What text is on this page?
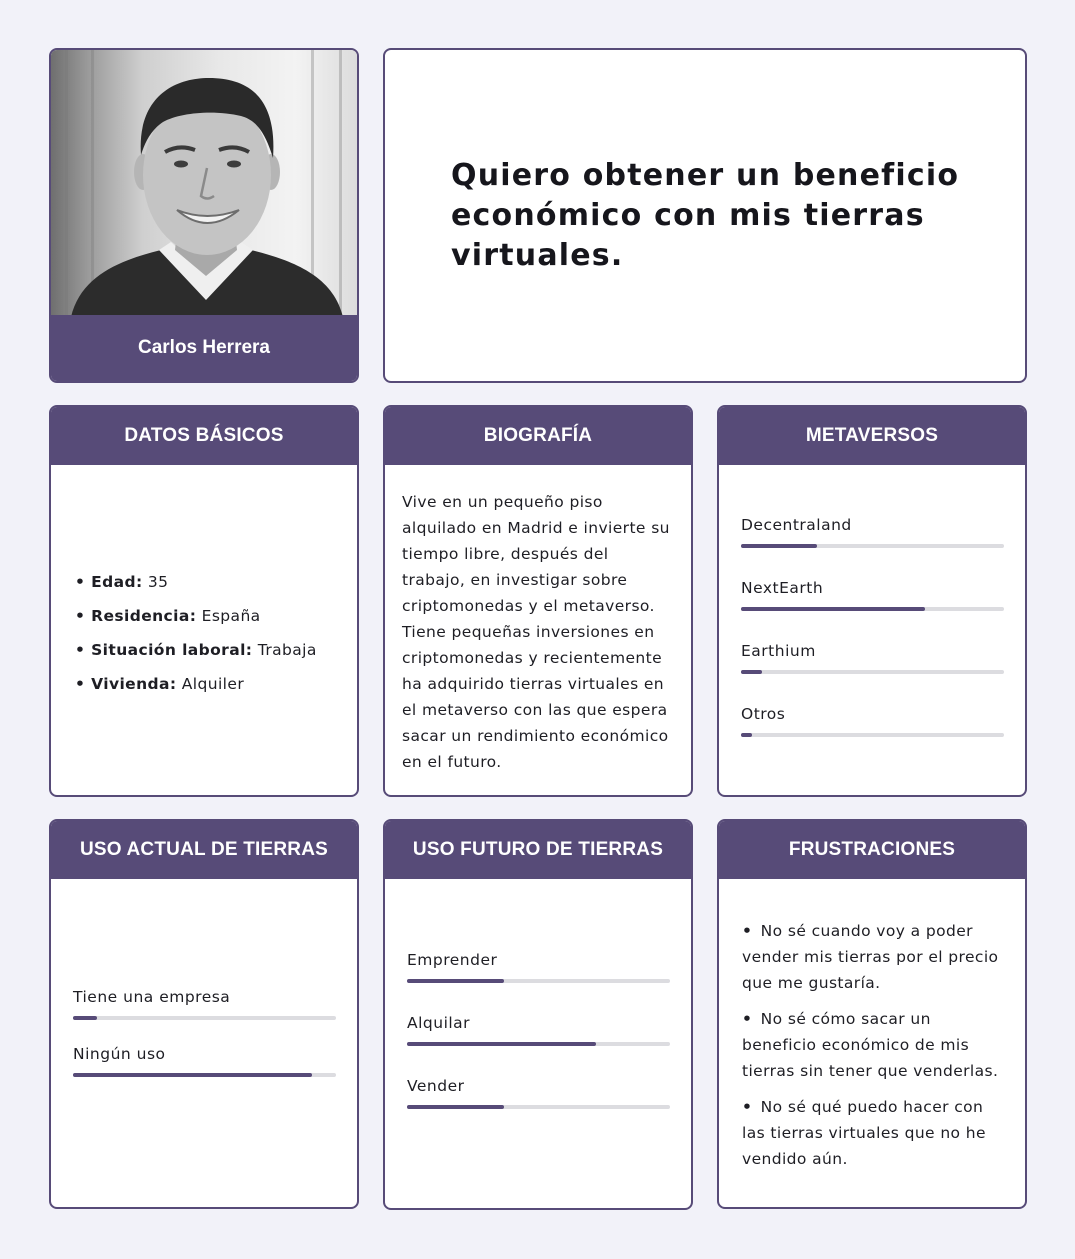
Carlos Herrera
Quiero obtener un beneficio económico con mis tierras virtuales.
DATOS BÁSICOS
• Edad: 35
• Residencia: España
• Situación laboral: Trabaja
• Vivienda: Alquiler
BIOGRAFÍA
Vive en un pequeño piso
alquilado en Madrid e invierte su
tiempo libre, después del
trabajo, en investigar sobre
criptomonedas y el metaverso.
Tiene pequeñas inversiones en
criptomonedas y recientemente
ha adquirido tierras virtuales en
el metaverso con las que espera
sacar un rendimiento económico
en el futuro.
METAVERSOS
Decentraland
NextEarth
Earthium
Otros
USO ACTUAL DE TIERRAS
Tiene una empresa
Ningún uso
USO FUTURO DE TIERRAS
Emprender
Alquilar
Vender
FRUSTRACIONES
• No sé cuando voy a poder
vender mis tierras por el precio
que me gustaría.
• No sé cómo sacar un
beneficio económico de mis
tierras sin tener que venderlas.
• No sé qué puedo hacer con
las tierras virtuales que no he
vendido aún.
